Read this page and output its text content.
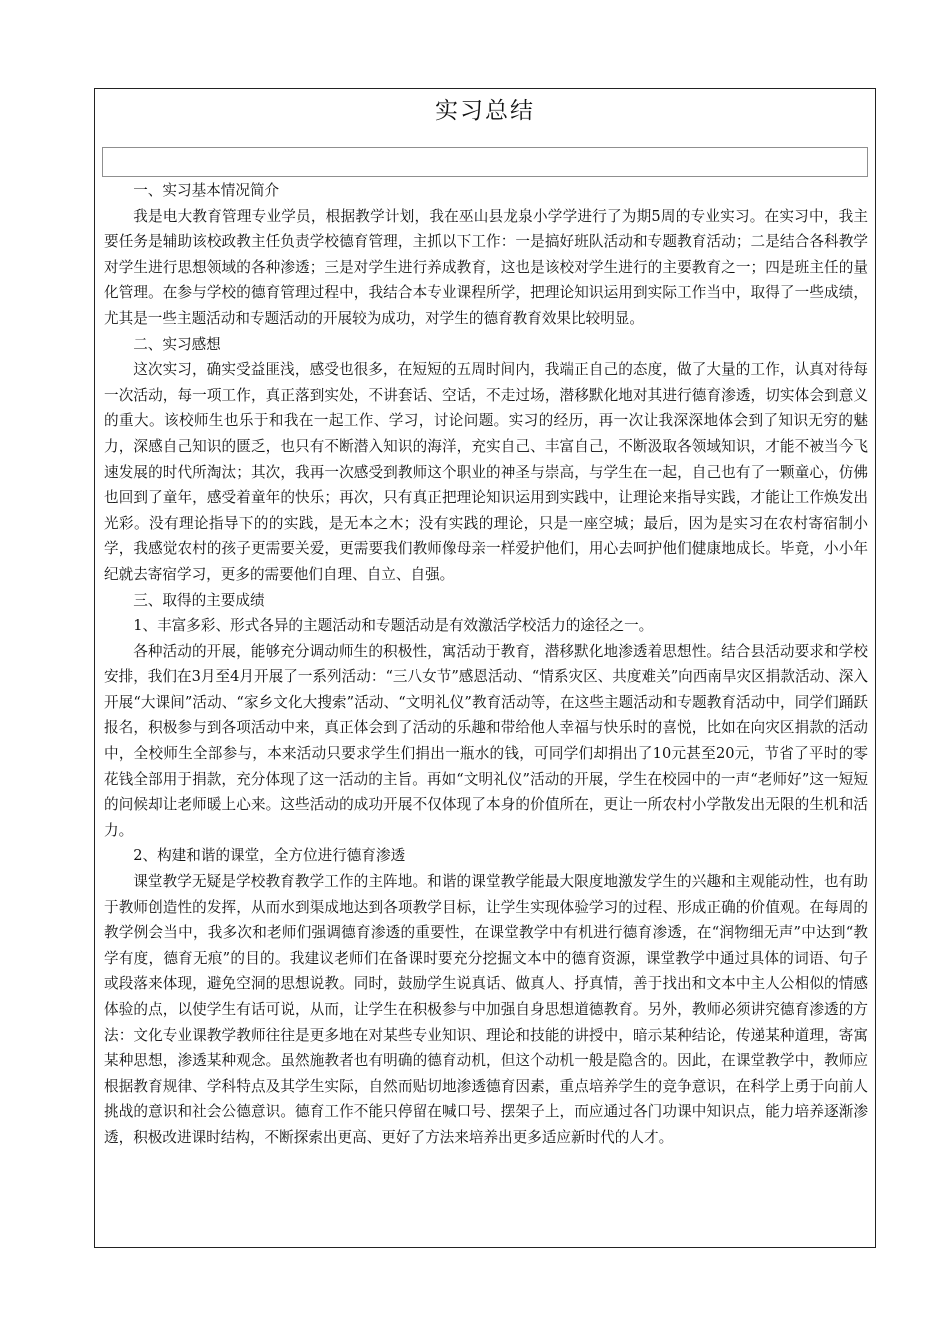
实习总结

一、实习基本情况简介

我是电大教育管理专业学员，根据教学计划，我在巫山县龙泉小学学进行了为期5周的专业实习。在实习中，我主要任务是辅助该校政教主任负责学校德育管理，主抓以下工作：一是搞好班队活动和专题教育活动；二是结合各科教学对学生进行思想领域的各种渗透；三是对学生进行养成教育，这也是该校对学生进行的主要教育之一；四是班主任的量化管理。在参与学校的德育管理过程中，我结合本专业课程所学，把理论知识运用到实际工作当中，取得了一些成绩，尤其是一些主题活动和专题活动的开展较为成功，对学生的德育教育效果比较明显。

二、实习感想

这次实习，确实受益匪浅，感受也很多，在短短的五周时间内，我端正自己的态度，做了大量的工作，认真对待每一次活动，每一项工作，真正落到实处，不讲套话、空话，不走过场，潜移默化地对其进行德育渗透，切实体会到意义的重大。该校师生也乐于和我在一起工作、学习，讨论问题。实习的经历，再一次让我深深地体会到了知识无穷的魅力，深感自己知识的匮乏，也只有不断潜入知识的海洋，充实自己、丰富自己，不断汲取各领域知识，才能不被当今飞速发展的时代所淘汰；其次，我再一次感受到教师这个职业的神圣与崇高，与学生在一起，自己也有了一颗童心，仿佛也回到了童年，感受着童年的快乐；再次，只有真正把理论知识运用到实践中，让理论来指导实践，才能让工作焕发出光彩。没有理论指导下的的实践，是无本之木；没有实践的理论，只是一座空城；最后，因为是实习在农村寄宿制小学，我感觉农村的孩子更需要关爱，更需要我们教师像母亲一样爱护他们，用心去呵护他们健康地成长。毕竟，小小年纪就去寄宿学习，更多的需要他们自理、自立、自强。

三、取得的主要成绩

1、丰富多彩、形式各异的主题活动和专题活动是有效激活学校活力的途径之一。

各种活动的开展，能够充分调动师生的积极性，寓活动于教育，潜移默化地渗透着思想性。结合县活动要求和学校安排，我们在3月至4月开展了一系列活动：“三八女节”感恩活动、“情系灾区、共度难关”向西南旱灾区捐款活动、深入开展“大课间”活动、“家乡文化大搜索”活动、“文明礼仪”教育活动等，在这些主题活动和专题教育活动中，同学们踊跃报名，积极参与到各项活动中来，真正体会到了活动的乐趣和带给他人幸福与快乐时的喜悦，比如在向灾区捐款的活动中，全校师生全部参与，本来活动只要求学生们捐出一瓶水的钱，可同学们却捐出了10元甚至20元，节省了平时的零花钱全部用于捐款，充分体现了这一活动的主旨。再如“文明礼仪”活动的开展，学生在校园中的一声“老师好”这一短短的问候却让老师暖上心来。这些活动的成功开展不仅体现了本身的价值所在，更让一所农村小学散发出无限的生机和活力。

2、构建和谐的课堂，全方位进行德育渗透

课堂教学无疑是学校教育教学工作的主阵地。和谐的课堂教学能最大限度地激发学生的兴趣和主观能动性，也有助于教师创造性的发挥，从而水到渠成地达到各项教学目标，让学生实现体验学习的过程、形成正确的价值观。在每周的教学例会当中，我多次和老师们强调德育渗透的重要性，在课堂教学中有机进行德育渗透，在“润物细无声”中达到“教学有度，德育无痕”的目的。我建议老师们在备课时要充分挖掘文本中的德育资源，课堂教学中通过具体的词语、句子或段落来体现，避免空洞的思想说教。同时，鼓励学生说真话、做真人、抒真情，善于找出和文本中主人公相似的情感体验的点，以使学生有话可说，从而，让学生在积极参与中加强自身思想道德教育。另外，教师必须讲究德育渗透的方法：文化专业课教学教师往往是更多地在对某些专业知识、理论和技能的讲授中，暗示某种结论，传递某种道理，寄寓某种思想，渗透某种观念。虽然施教者也有明确的德育动机，但这个动机一般是隐含的。因此，在课堂教学中，教师应根据教育规律、学科特点及其学生实际，自然而贴切地渗透德育因素，重点培养学生的竞争意识，在科学上勇于向前人挑战的意识和社会公德意识。德育工作不能只停留在喊口号、摆架子上，而应通过各门功课中知识点，能力培养逐渐渗透，积极改进课时结构，不断探索出更高、更好了方法来培养出更多适应新时代的人才。
